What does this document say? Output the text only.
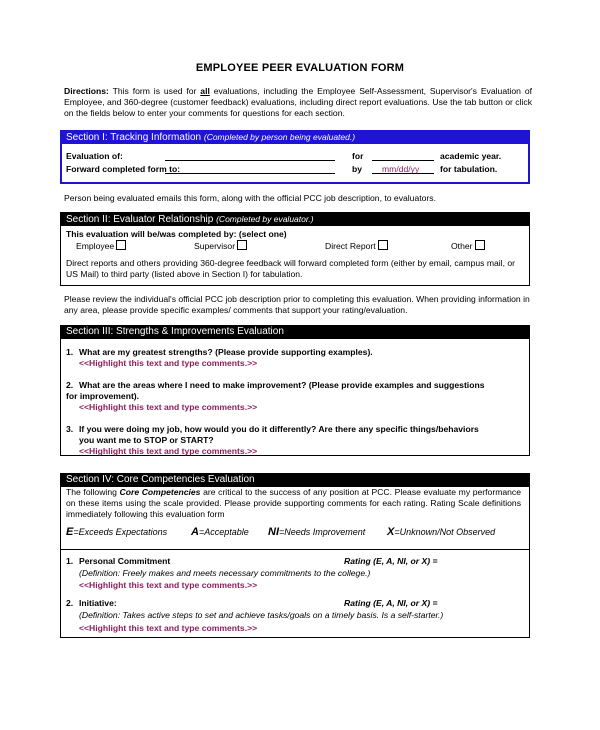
EMPLOYEE PEER EVALUATION FORM
Directions: This form is used for all evaluations, including the Employee Self-Assessment, Supervisor's Evaluation of Employee, and 360-degree (customer feedback) evaluations, including direct report evaluations. Use the tab button or click on the fields below to enter your comments for questions for each section.
Section I: Tracking Information (Completed by person being evaluated.)
Evaluation of:	for	academic year.
Forward completed form to:	by mm/dd/yy for tabulation.
Person being evaluated emails this form, along with the official PCC job description, to evaluators.
Section II: Evaluator Relationship (Completed by evaluator.)
This evaluation will be/was completed by: (select one)
Employee	Supervisor	Direct Report	Other
Direct reports and others providing 360-degree feedback will forward completed form (either by email, campus mail, or US Mail) to third party (listed above in Section I) for tabulation.
Please review the individual's official PCC job description prior to completing this evaluation. When providing information in any area, please provide specific examples/ comments that support your rating/evaluation.
Section III: Strengths & Improvements Evaluation
1. What are my greatest strengths? (Please provide supporting examples).
<<Highlight this text and type comments.>>
2. What are the areas where I need to make improvement? (Please provide examples and suggestions
for improvement).
<<Highlight this text and type comments.>>
3. If you were doing my job, how would you do it differently? Are there any specific things/behaviors
you want me to STOP or START?
<<Highlight this text and type comments.>>
Section IV: Core Competencies Evaluation
The following Core Competencies are critical to the success of any position at PCC. Please evaluate my performance on these items using the scale provided. Please provide supporting comments for each rating. Rating Scale definitions immediately following this evaluation form
E=Exceeds Expectations A=Acceptable NI=Needs Improvement X=Unknown/Not Observed
1. Personal Commitment	Rating (E, A, NI, or X) =
(Definition: Freely makes and meets necessary commitments to the college.)
<<Highlight this text and type comments.>>
2. Initiative:	Rating (E, A, NI, or X) =
(Definition: Takes active steps to set and achieve tasks/goals on a timely basis. Is a self-starter.)
<<Highlight this text and type comments.>>
